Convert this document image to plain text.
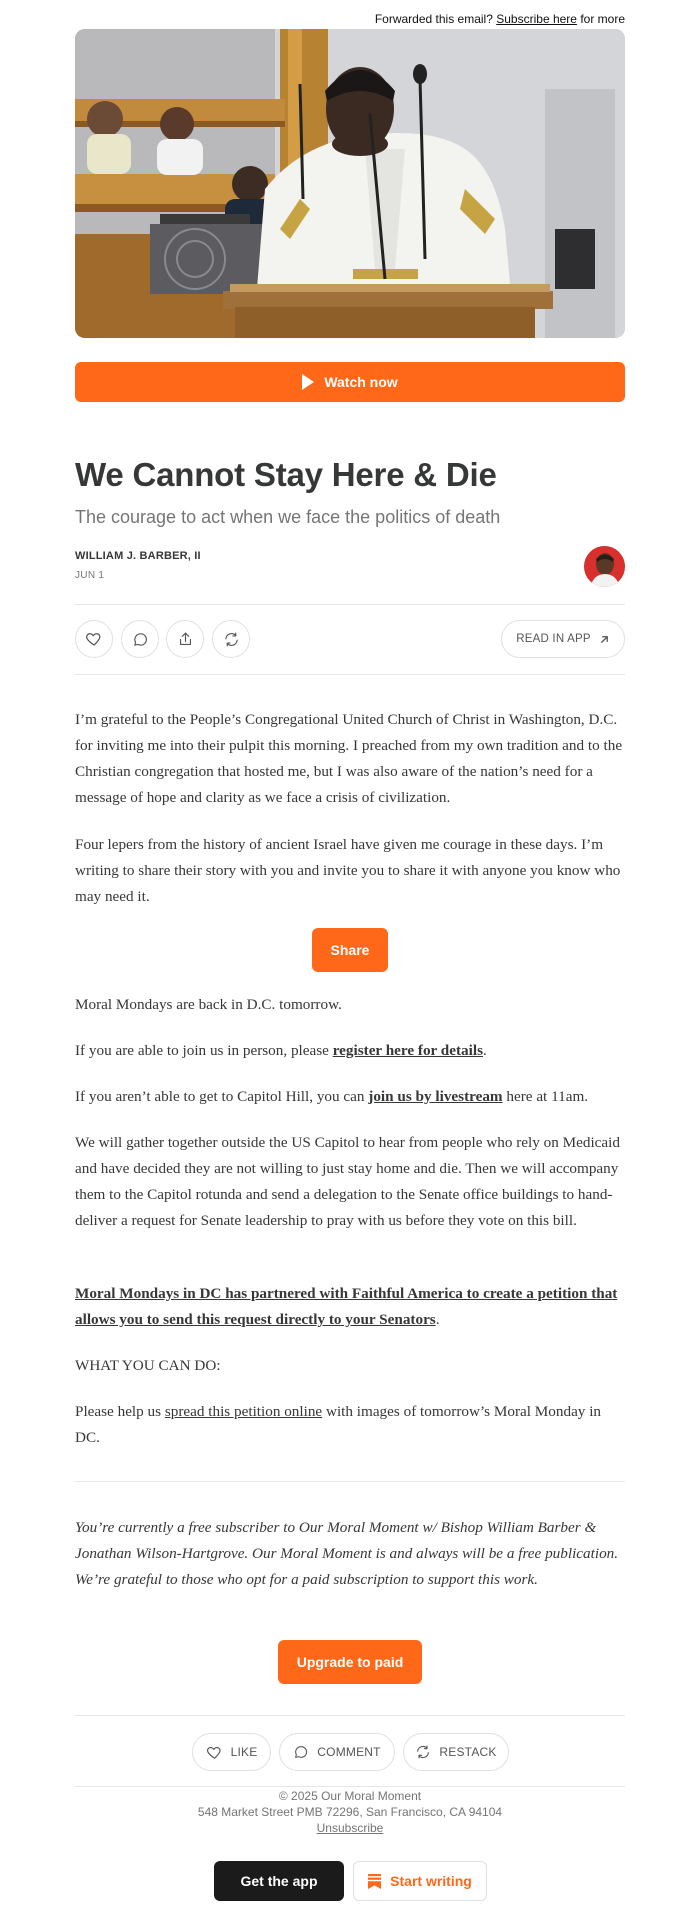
Forwarded this email? Subscribe here for more
Watch now
We Cannot Stay Here & Die
The courage to act when we face the politics of death
WILLIAM J. BARBER, II
JUN 1
READ IN APP
I’m grateful to the People’s Congregational United Church of Christ in Washington, D.C. for inviting me into their pulpit this morning. I preached from my own tradition and to the Christian congregation that hosted me, but I was also aware of the nation’s need for a message of hope and clarity as we face a crisis of civilization.
Four lepers from the history of ancient Israel have given me courage in these days. I’m writing to share their story with you and invite you to share it with anyone you know who may need it.
Share
Moral Mondays are back in D.C. tomorrow.
If you are able to join us in person, please register here for details.
If you aren’t able to get to Capitol Hill, you can join us by livestream here at 11am.
We will gather together outside the US Capitol to hear from people who rely on Medicaid and have decided they are not willing to just stay home and die. Then we will accompany them to the Capitol rotunda and send a delegation to the Senate office buildings to hand-deliver a request for Senate leadership to pray with us before they vote on this bill.
Moral Mondays in DC has partnered with Faithful America to create a petition that allows you to send this request directly to your Senators.
WHAT YOU CAN DO:
Please help us spread this petition online with images of tomorrow’s Moral Monday in DC.
You’re currently a free subscriber to Our Moral Moment w/ Bishop William Barber & Jonathan Wilson-Hartgrove. Our Moral Moment is and always will be a free publication. We’re grateful to those who opt for a paid subscription to support this work.
Upgrade to paid
LIKE	COMMENT	RESTACK
© 2025 Our Moral Moment
548 Market Street PMB 72296, San Francisco, CA 94104
Unsubscribe
Get the app	Start writing
